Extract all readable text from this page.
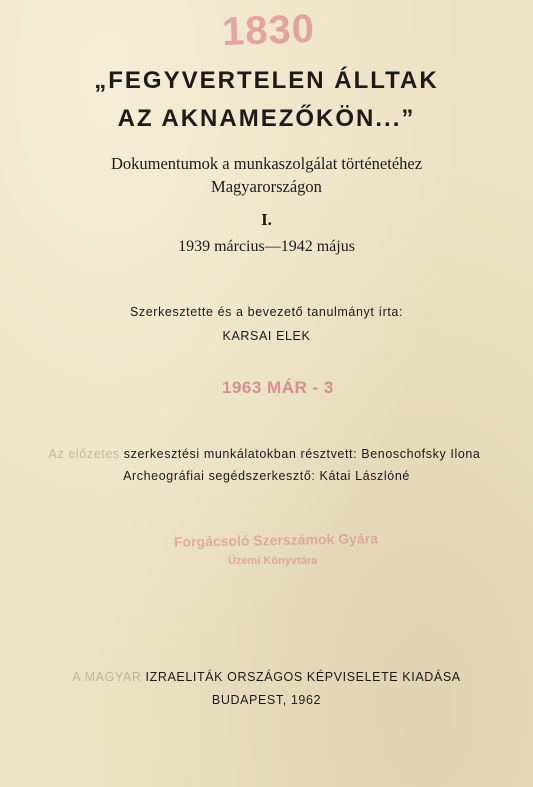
1830
„FEGYVERTELEN ÁLLTAK
AZ AKNAMEZŐKÖN...”
Dokumentumok a munkaszolgálat történetéhez
Magyarországon
I.
1939 március—1942 május
Szerkesztette és a bevezető tanulmányt írta:
KARSAI ELEK
1963 MÁR - 3
Az előzetes szerkesztési munkálatokban résztvett: Benoschofsky Ilona
Archeográfiai segédszerkesztő: Kátai Lászlóné
Forgácsoló Szerszámok Gyára
Üzemi Könyvtára
A MAGYAR IZRAELITÁK ORSZÁGOS KÉPVISELETE KIADÁSA
BUDAPEST, 1962
